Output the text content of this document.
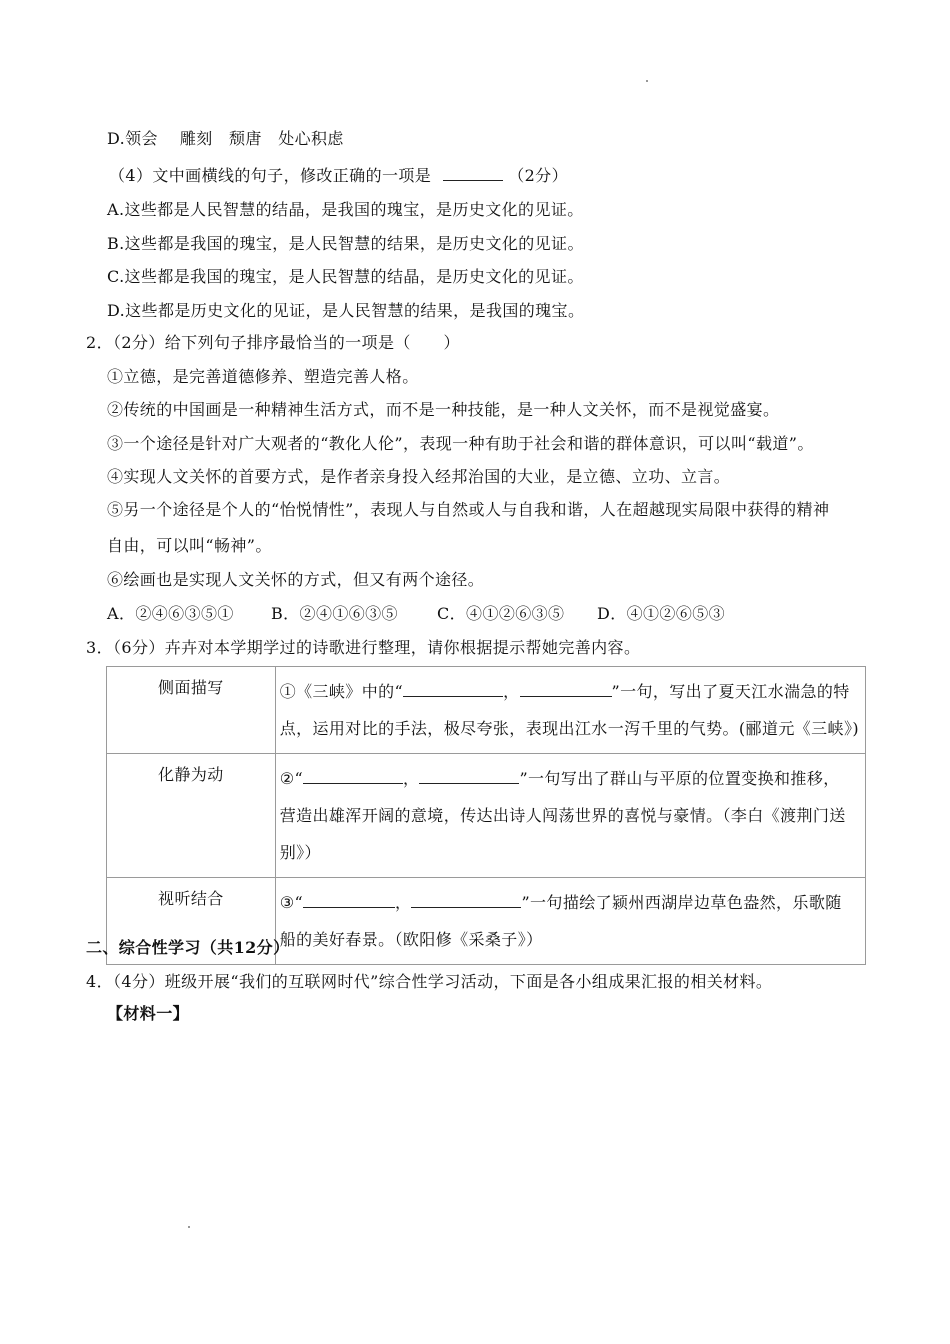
D.领会　 雕刻　颓唐　处心积虑
（4）文中画横线的句子，修改正确的一项是	（2分）
A.这些都是人民智慧的结晶，是我国的瑰宝，是历史文化的见证。
B.这些都是我国的瑰宝，是人民智慧的结果，是历史文化的见证。
C.这些都是我国的瑰宝，是人民智慧的结晶，是历史文化的见证。
D.这些都是历史文化的见证，是人民智慧的结果，是我国的瑰宝。
2．（2分）给下列句子排序最恰当的一项是（　　）
①立德，是完善道德修养、塑造完善人格。
②传统的中国画是一种精神生活方式，而不是一种技能，是一种人文关怀，而不是视觉盛宴。
③一个途径是针对广大观者的“教化人伦”，表现一种有助于社会和谐的群体意识，可以叫“载道”。
④实现人文关怀的首要方式，是作者亲身投入经邦治国的大业，是立德、立功、立言。
⑤另一个途径是个人的“怡悦情性”，表现人与自然或人与自我和谐，人在超越现实局限中获得的精神
自由，可以叫“畅神”。
⑥绘画也是实现人文关怀的方式，但又有两个途径。
A．②④⑥③⑤① B．②④①⑥③⑤ C．④①②⑥③⑤ D．④①②⑥⑤③
3．（6分）卉卉对本学期学过的诗歌进行整理，请你根据提示帮她完善内容。
侧面描写	①《三峡》中的“ ， ”一句，写出了夏天江水湍急的特
点，运用对比的手法，极尽夸张，表现出江水一泻千里的气势。(郦道元《三峡》)

化静为动	②“ ， ”一句写出了群山与平原的位置变换和推移，
营造出雄浑开阔的意境，传达出诗人闯荡世界的喜悦与豪情。（李白《渡荆门送
别》）

视听结合	③“ ， ”一句描绘了颍州西湖岸边草色盎然，乐歌随
船的美好春景。（欧阳修《采桑子》）
二、综合性学习（共12分）
4．（4分）班级开展“我们的互联网时代”综合性学习活动，下面是各小组成果汇报的相关材料。
【材料一】
